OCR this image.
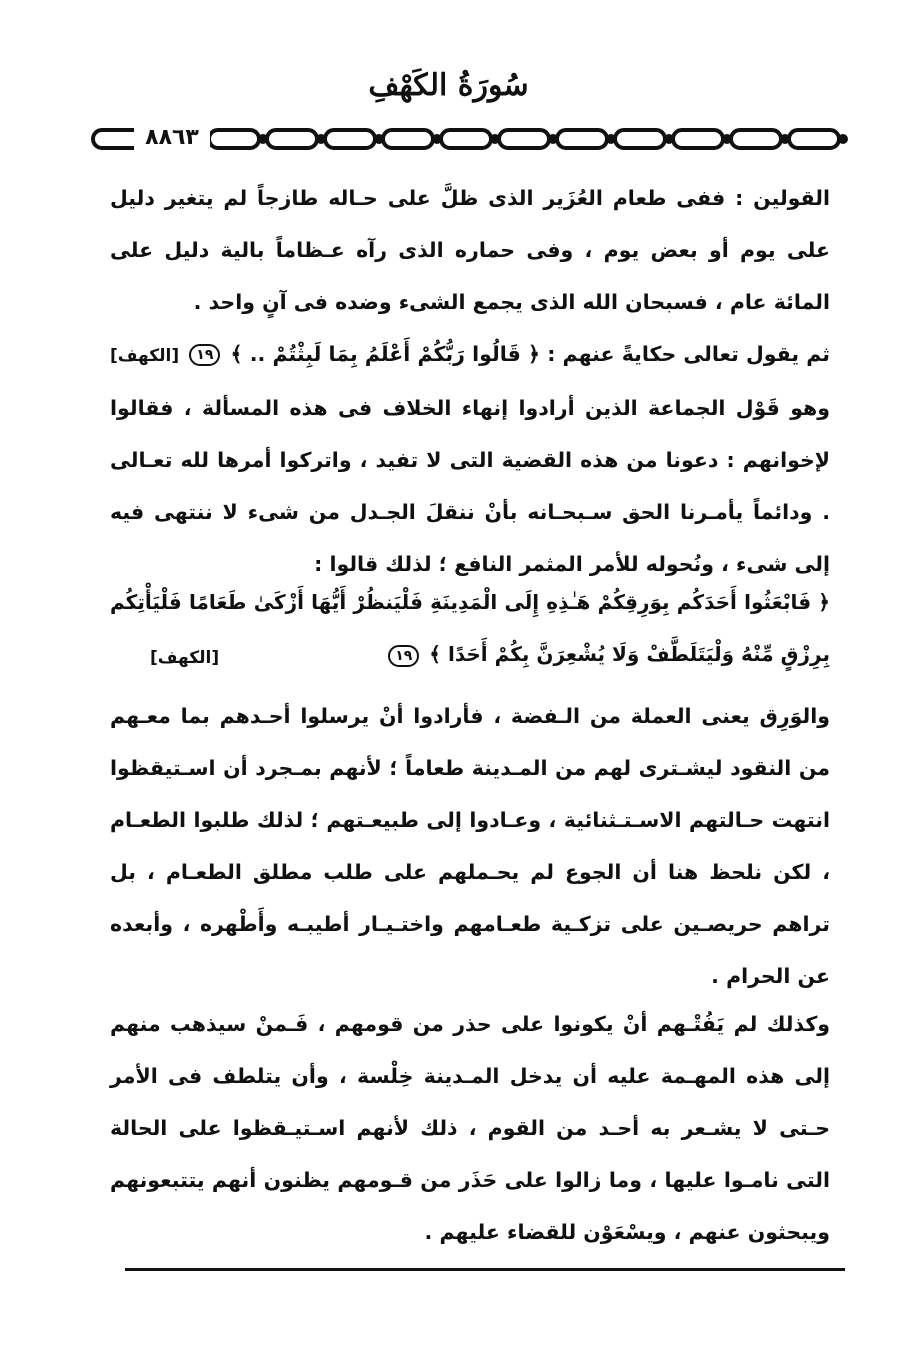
سُورَةُ الكَهْفِ
٨٨٦٣

القولين : ففى طعام العُزَير الذى ظلَّ على حـاله طازجاً لم يتغير دليل على يوم أو بعض يوم ، وفى حماره الذى رآه عـظاماً بالية دليل على المائة عام ، فسبحان الله الذى يجمع الشىء وضده فى آنٍ واحد .

ثم يقول تعالى حكايةً عنهم : ﴿ قَالُوا رَبُّكُمْ أَعْلَمُ بِمَا لَبِثْتُمْ .. ﴾ ١٩ [الكهف] وهو قَوْل الجماعة الذين أرادوا إنهاء الخلاف فى هذه المسألة ، فقالوا لإخوانهم : دعونا من هذه القضية التى لا تفيد ، واتركوا أمرها لله تعـالى . ودائماً يأمـرنا الحق سـبحـانه بأنْ ننقلَ الجـدل من شىء لا ننتهى فيه إلى شىء ، ونُحوله للأمر المثمر النافع ؛ لذلك قالوا :

﴿ فَابْعَثُوا أَحَدَكُم بِوَرِقِكُمْ هَـٰذِهِ إِلَى الْمَدِينَةِ فَلْيَنظُرْ أَيُّهَا أَزْكَىٰ طَعَامًا فَلْيَأْتِكُم بِرِزْقٍ مِّنْهُ وَلْيَتَلَطَّفْ وَلَا يُشْعِرَنَّ بِكُمْ أَحَدًا ﴾ ١٩

[الكهف]

والوَرِق يعنى العملة من الـفضة ، فأرادوا أنْ يرسلوا أحـدهم بما معـهم من النقود ليشـترى لهم من المـدينة طعاماً ؛ لأنهم بمـجرد أن اسـتيقظوا انتهت حـالتهم الاسـتـثنائية ، وعـادوا إلى طبيعـتهم ؛ لذلك طلبوا الطعـام ، لكن نلحظ هنا أن الجوع لم يحـملهم على طلب مطلق الطعـام ، بل تراهم حريصـين على تزكـية طعـامهم واختـيـار أطيبـه وأَطْهره ، وأبعده عن الحرام .

وكذلك لم يَفُتْـهم أنْ يكونوا على حذر من قومهم ، فَـمنْ سيذهب منهم إلى هذه المهـمة عليه أن يدخل المـدينة خِلْسة ، وأن يتلطف فى الأمر حـتى لا يشـعر به أحـد من القوم ، ذلك لأنهم اسـتيـقظوا على الحالة التى نامـوا عليها ، وما زالوا على حَذَر من قـومهم يظنون أنهم يتتبعونهم ويبحثون عنهم ، ويسْعَوْن للقضاء عليهم .
